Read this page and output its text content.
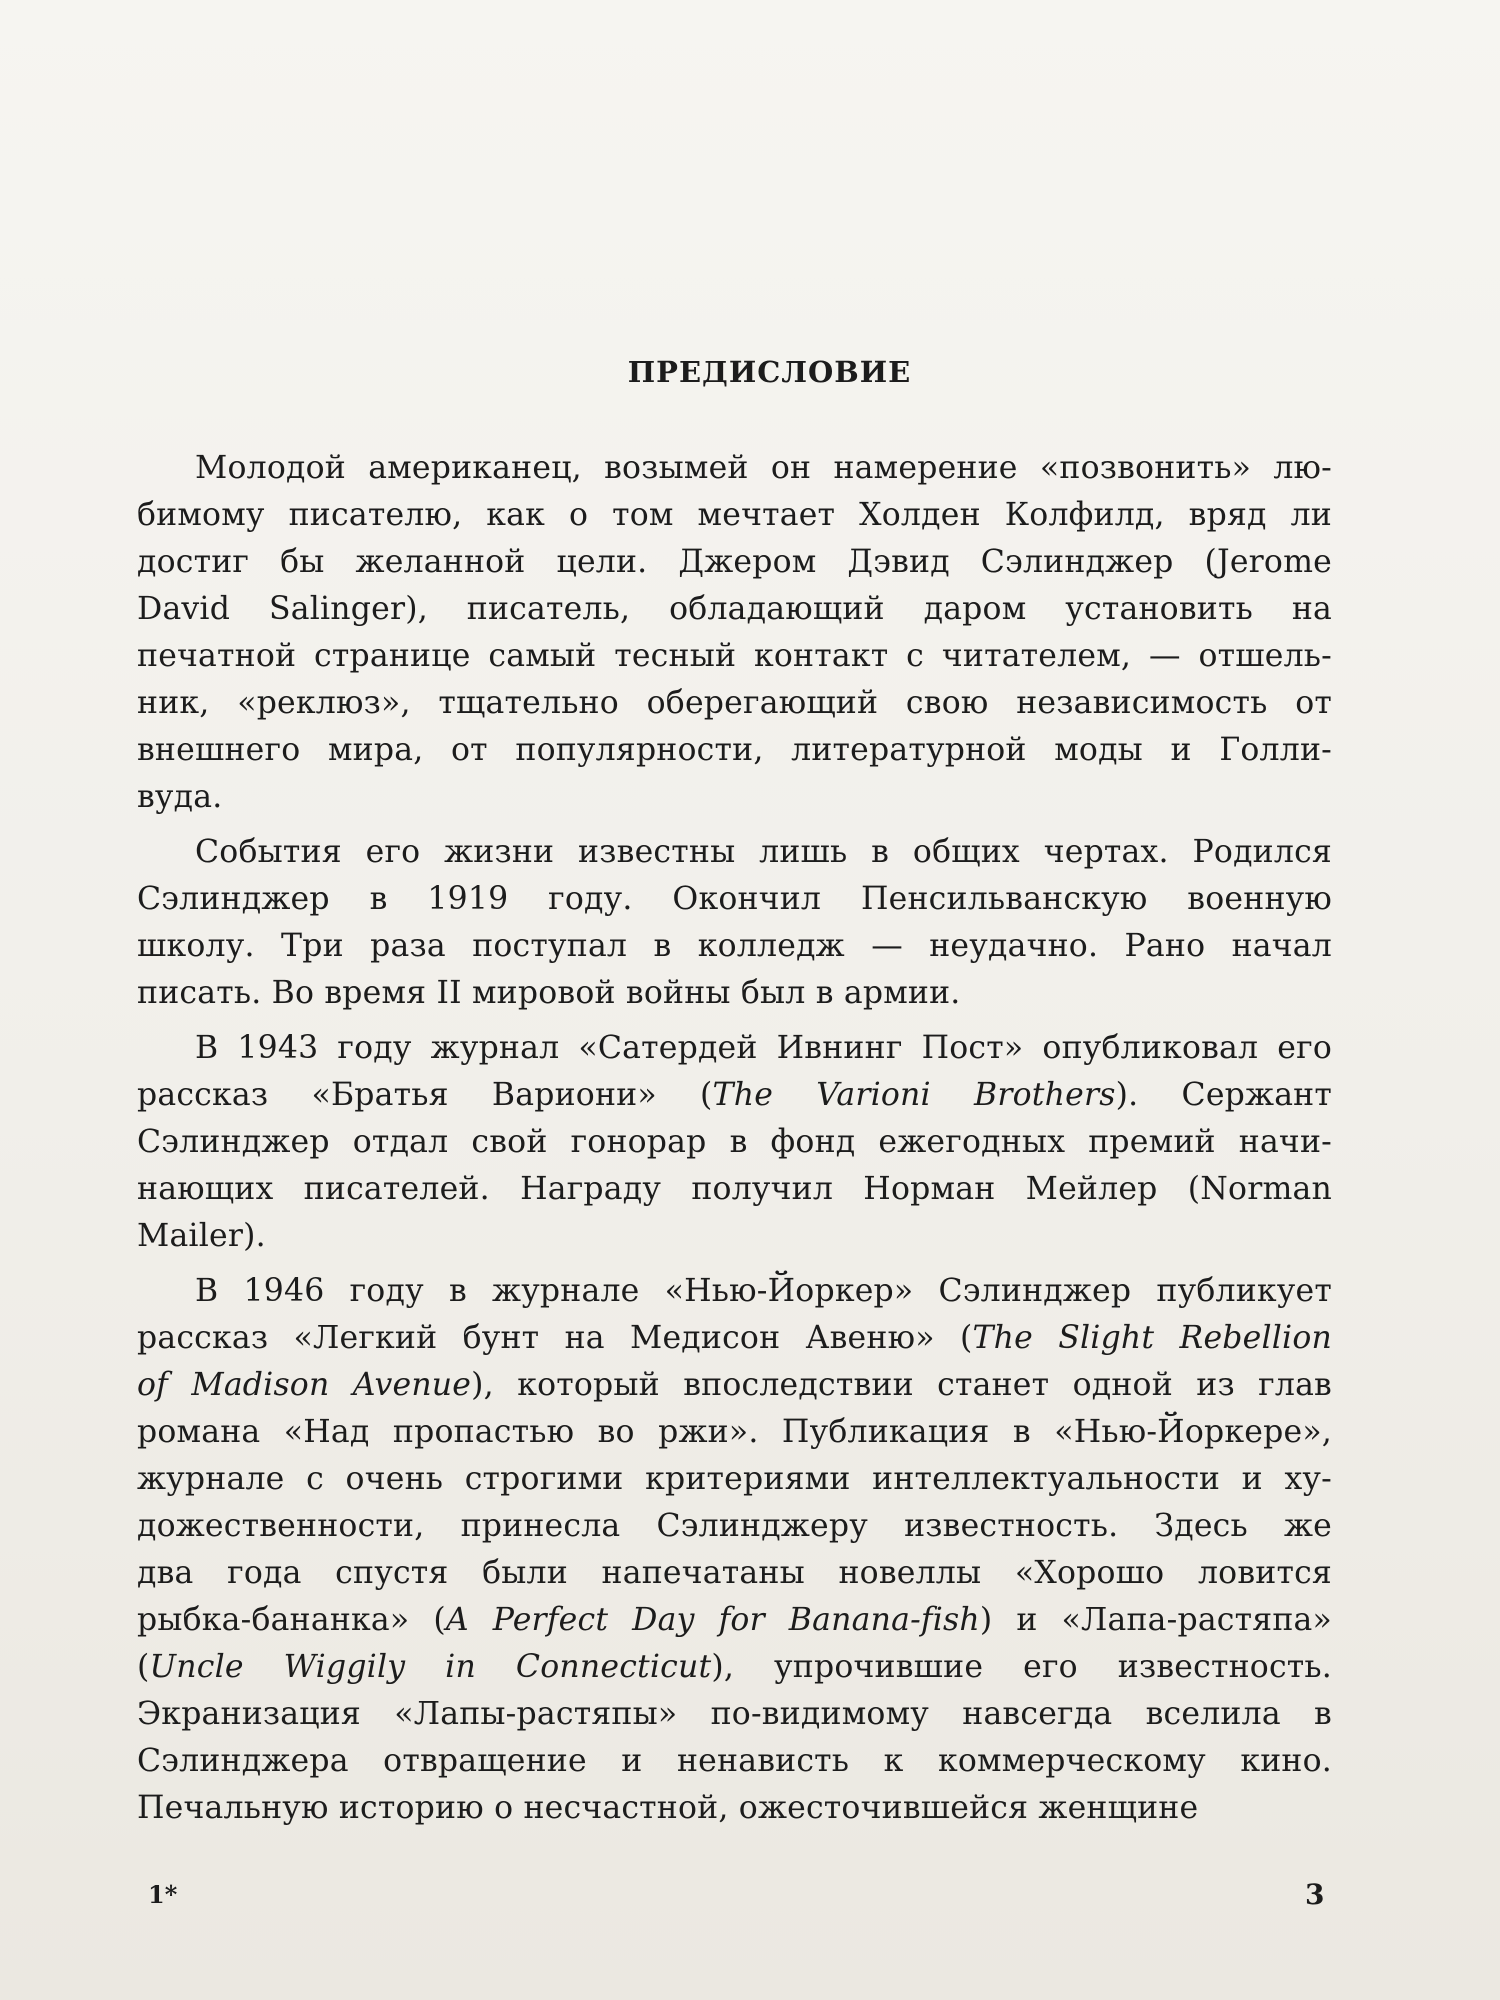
ПРЕДИСЛОВИЕ

Молодой американец, возымей он намерение «позвонить» лю-
бимому писателю, как о том мечтает Холден Колфилд, вряд ли
достиг бы желанной цели. Джером Дэвид Сэлинджер (Jerome
David Salinger), писатель, обладающий даром установить на
печатной странице самый тесный контакт с читателем, — отшель-
ник, «реклюз», тщательно оберегающий свою независимость от
внешнего мира, от популярности, литературной моды и Голли-
вуда.

События его жизни известны лишь в общих чертах. Родился
Сэлинджер в 1919 году. Окончил Пенсильванскую военную
школу. Три раза поступал в колледж — неудачно. Рано начал
писать. Во время II мировой войны был в армии.

В 1943 году журнал «Сатердей Ивнинг Пост» опубликовал его
рассказ «Братья Вариони» (The Varioni Brothers). Сержант
Сэлинджер отдал свой гонорар в фонд ежегодных премий начи-
нающих писателей. Награду получил Норман Мейлер (Norman
Mailer).

В 1946 году в журнале «Нью-Йоркер» Сэлинджер публикует
рассказ «Легкий бунт на Медисон Авеню» (The Slight Rebellion
of Madison Avenue), который впоследствии станет одной из глав
романа «Над пропастью во ржи». Публикация в «Нью-Йоркере»,
журнале с очень строгими критериями интеллектуальности и ху-
дожественности, принесла Сэлинджеру известность. Здесь же
два года спустя были напечатаны новеллы «Хорошо ловится
рыбка-бананка» (A Perfect Day for Banana-fish) и «Лапа-растяпа»
(Uncle Wiggily in Connecticut), упрочившие его известность.
Экранизация «Лапы-растяпы» по-видимому навсегда вселила в
Сэлинджера отвращение и ненависть к коммерческому кино.
Печальную историю о несчастной, ожесточившейся женщине

1*	3
